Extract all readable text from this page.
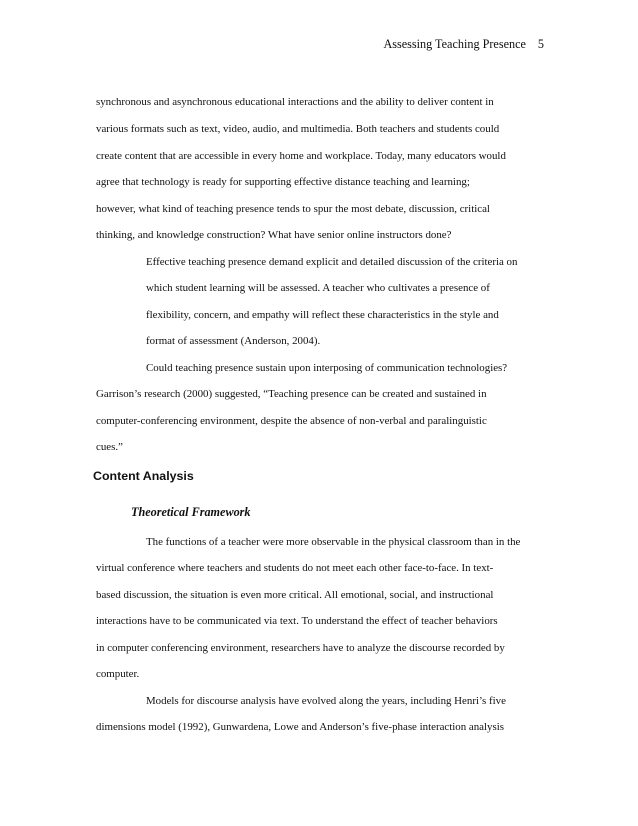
Assessing Teaching Presence 5
synchronous and asynchronous educational interactions and the ability to deliver content in
various formats such as text, video, audio, and multimedia. Both teachers and students could
create content that are accessible in every home and workplace. Today, many educators would
agree that technology is ready for supporting effective distance teaching and learning;
however, what kind of teaching presence tends to spur the most debate, discussion, critical
thinking, and knowledge construction? What have senior online instructors done?
Effective teaching presence demand explicit and detailed discussion of the criteria on
which student learning will be assessed. A teacher who cultivates a presence of
flexibility, concern, and empathy will reflect these characteristics in the style and
format of assessment (Anderson, 2004).
Could teaching presence sustain upon interposing of communication technologies?
Garrison’s research (2000) suggested, “Teaching presence can be created and sustained in
computer-conferencing environment, despite the absence of non-verbal and paralinguistic
cues.”
Content Analysis
Theoretical Framework
The functions of a teacher were more observable in the physical classroom than in the
virtual conference where teachers and students do not meet each other face-to-face. In text-
based discussion, the situation is even more critical. All emotional, social, and instructional
interactions have to be communicated via text. To understand the effect of teacher behaviors
in computer conferencing environment, researchers have to analyze the discourse recorded by
computer.
Models for discourse analysis have evolved along the years, including Henri’s five
dimensions model (1992), Gunwardena, Lowe and Anderson’s five-phase interaction analysis
